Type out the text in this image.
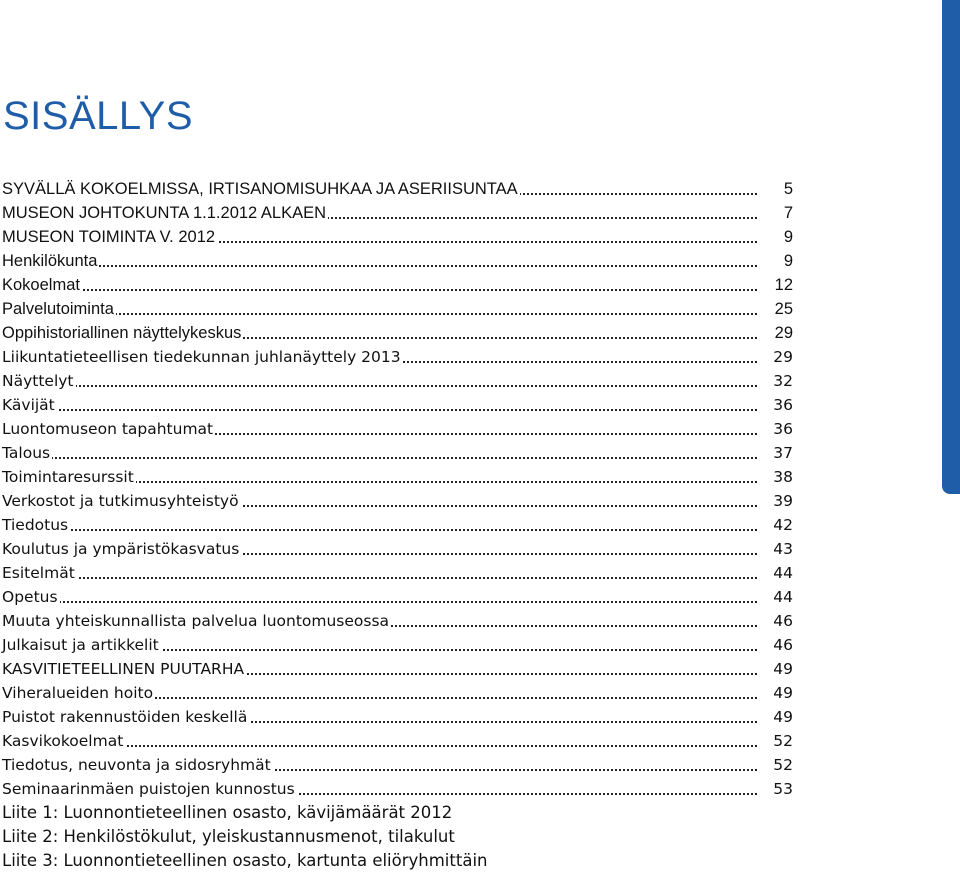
SISÄLLYS
SYVÄLLÄ KOKOELMISSA, IRTISANOMISUHKAA JA ASERIISUNTAA	5
MUSEON JOHTOKUNTA 1.1.2012 ALKAEN	7
MUSEON TOIMINTA V. 2012	9
Henkilökunta	9
Kokoelmat	12
Palvelutoiminta	25
Oppihistoriallinen näyttelykeskus	29
Liikuntatieteellisen tiedekunnan juhlanäyttely 2013	29
Näyttelyt	32
Kävijät	36
Luontomuseon tapahtumat	36
Talous	37
Toimintaresurssit	38
Verkostot ja tutkimusyhteistyö	39
Tiedotus	42
Koulutus ja ympäristökasvatus	43
Esitelmät	44
Opetus	44
Muuta yhteiskunnallista palvelua luontomuseossa	46
Julkaisut ja artikkelit	46
KASVITIETEELLINEN PUUTARHA	49
Viheralueiden hoito	49
Puistot rakennustöiden keskellä	49
Kasvikokoelmat	52
Tiedotus, neuvonta ja sidosryhmät	52
Seminaarinmäen puistojen kunnostus	53
Liite 1: Luonnontieteellinen osasto, kävijämäärät 2012
Liite 2: Henkilöstökulut, yleiskustannusmenot, tilakulut
Liite 3: Luonnontieteellinen osasto, kartunta eliöryhmittäin
